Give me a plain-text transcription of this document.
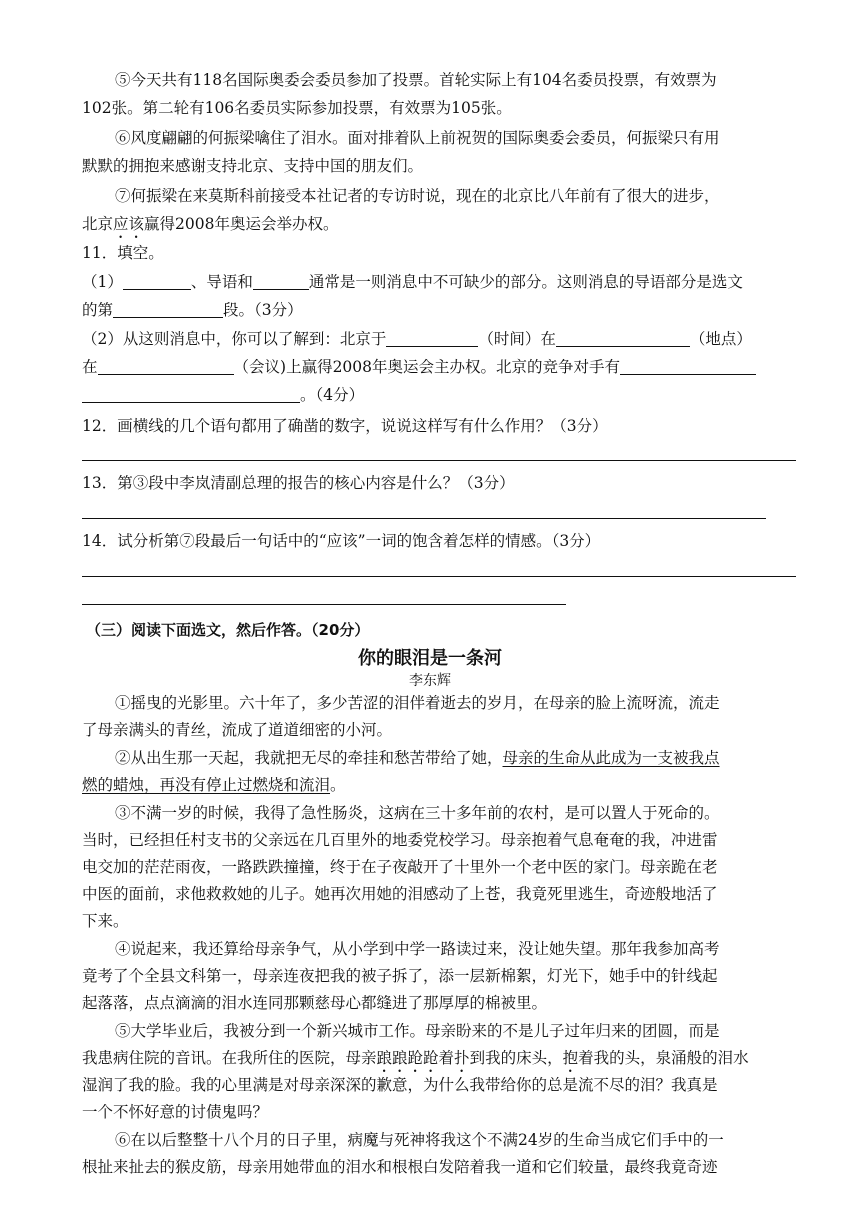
⑤今天共有118名国际奥委会委员参加了投票。首轮实际上有104名委员投票，有效票为
102张。第二轮有106名委员实际参加投票，有效票为105张。
⑥风度翩翩的何振梁噙住了泪水。面对排着队上前祝贺的国际奥委会委员，何振梁只有用
默默的拥抱来感谢支持北京、支持中国的朋友们。
⑦何振梁在来莫斯科前接受本社记者的专访时说，现在的北京比八年前有了很大的进步，
北京应该赢得2008年奥运会举办权。
11．填空。
（1）	、导语和	通常是一则消息中不可缺少的部分。这则消息的导语部分是选文
的第	段。（3分）
（2）从这则消息中，你可以了解到：北京于	（时间）在	（地点）
在	（会议)上赢得2008年奥运会主办权。北京的竞争对手有
。（4分）
12．画横线的几个语句都用了确凿的数字，说说这样写有什么作用？（3分）
13．第③段中李岚清副总理的报告的核心内容是什么？（3分）
14．试分析第⑦段最后一句话中的“应该”一词的饱含着怎样的情感。（3分）
（三）阅读下面选文，然后作答。（20分）
你的眼泪是一条河
李东辉
①摇曳的光影里。六十年了，多少苦涩的泪伴着逝去的岁月，在母亲的脸上流呀流，流走
了母亲满头的青丝，流成了道道细密的小河。
②从出生那一天起，我就把无尽的牵挂和愁苦带给了她，母亲的生命从此成为一支被我点
燃的蜡烛，再没有停止过燃烧和流泪。
③不满一岁的时候，我得了急性肠炎，这病在三十多年前的农村，是可以置人于死命的。
当时，已经担任村支书的父亲远在几百里外的地委党校学习。母亲抱着气息奄奄的我，冲进雷
电交加的茫茫雨夜，一路跌跌撞撞，终于在子夜敲开了十里外一个老中医的家门。母亲跪在老
中医的面前，求他救救她的儿子。她再次用她的泪感动了上苍，我竟死里逃生，奇迹般地活了
下来。
④说起来，我还算给母亲争气，从小学到中学一路读过来，没让她失望。那年我参加高考
竟考了个全县文科第一，母亲连夜把我的被子拆了，添一层新棉絮，灯光下，她手中的针线起
起落落，点点滴滴的泪水连同那颗慈母心都缝进了那厚厚的棉被里。
⑤大学毕业后，我被分到一个新兴城市工作。母亲盼来的不是儿子过年归来的团圆，而是
我患病住院的音讯。在我所住的医院，母亲踉踉跄跄着扑到我的床头，抱着我的头，泉涌般的泪水
湿润了我的脸。我的心里满是对母亲深深的歉意，为什么我带给你的总是流不尽的泪？我真是
一个不怀好意的讨债鬼吗？
⑥在以后整整十八个月的日子里，病魔与死神将我这个不满24岁的生命当成它们手中的一
根扯来扯去的猴皮筋，母亲用她带血的泪水和根根白发陪着我一道和它们较量，最终我竟奇迹
